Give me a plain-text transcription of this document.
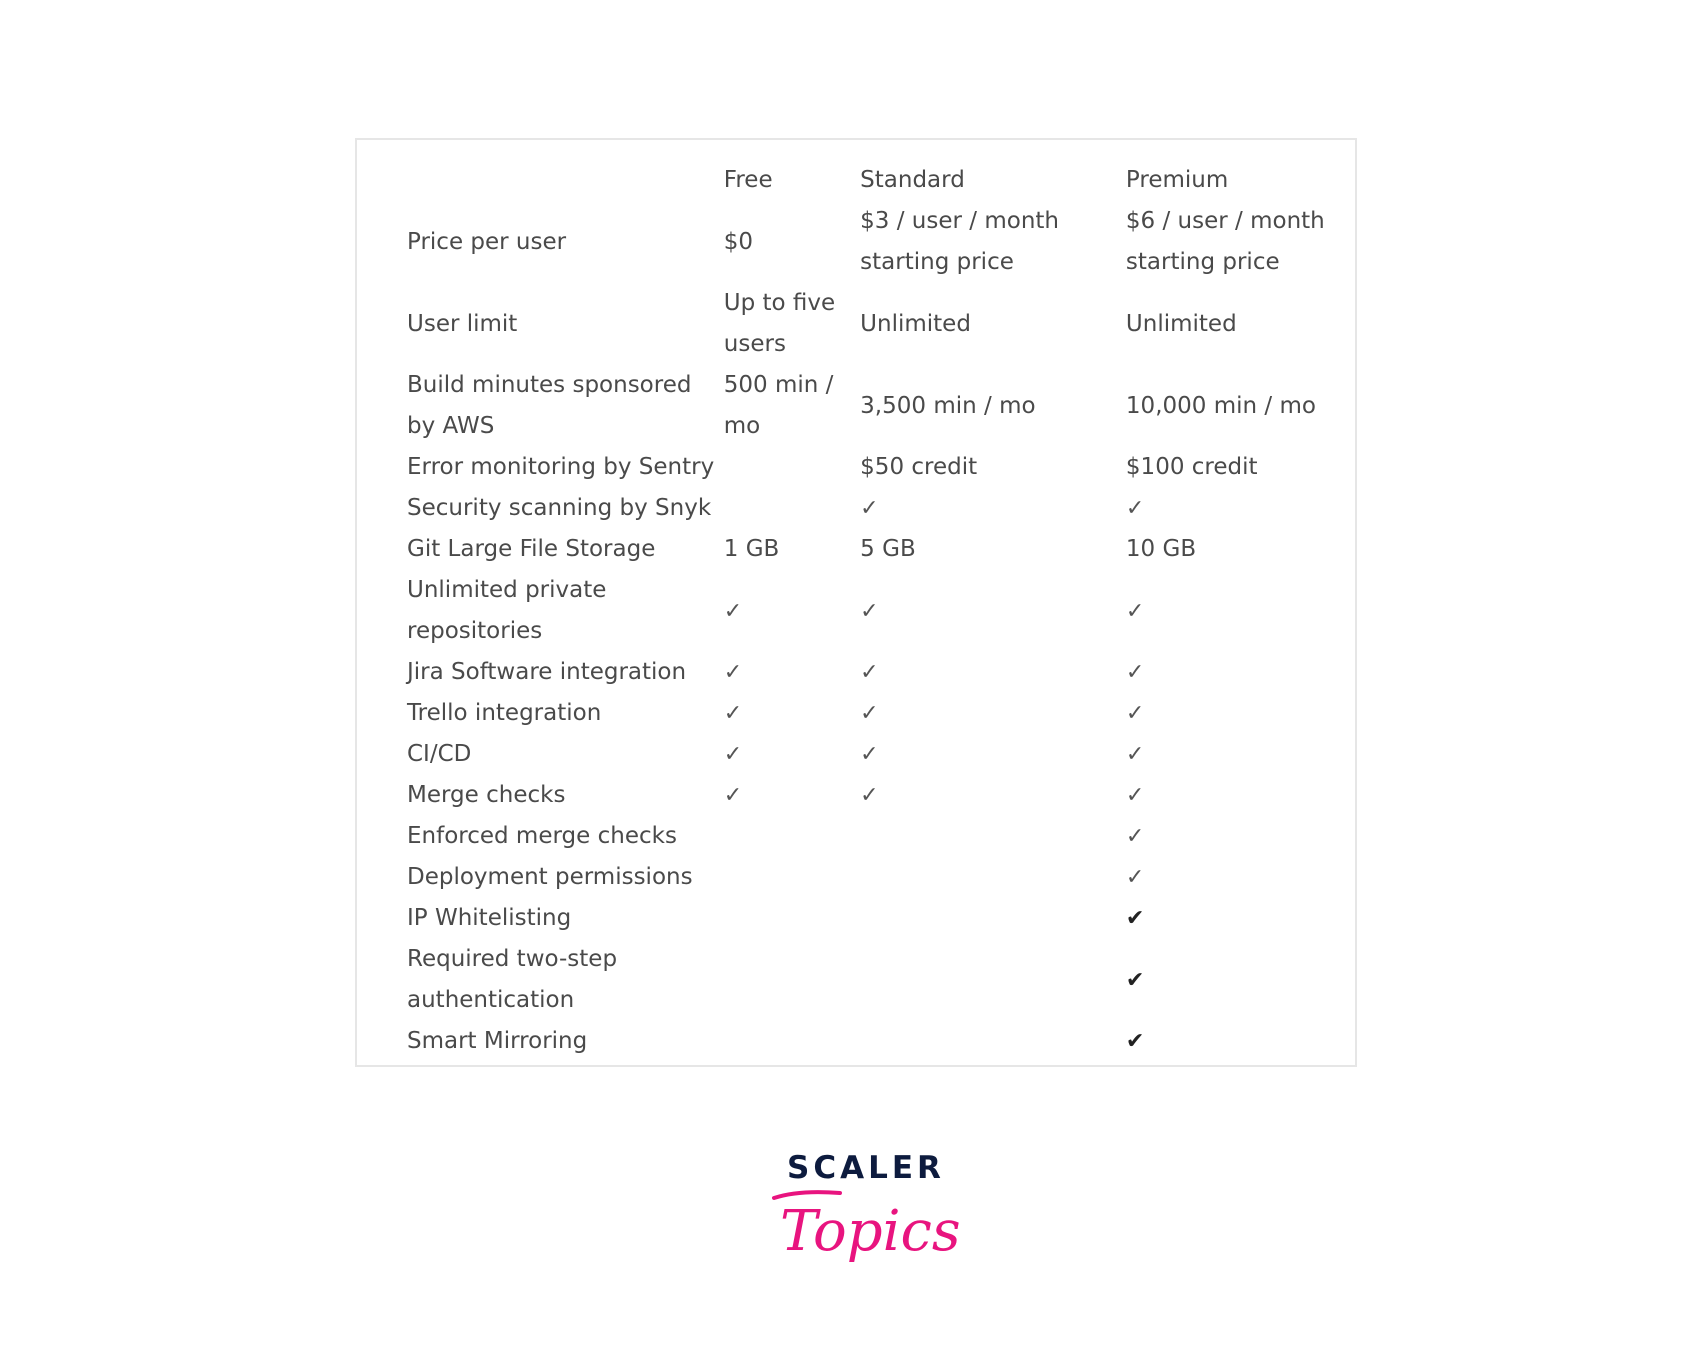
	Free	Standard	Premium
Price per user	$0	$3 / user / month starting price	$6 / user / month starting price
User limit	Up to five users	Unlimited	Unlimited
Build minutes sponsored by AWS	500 min / mo	3,500 min / mo	10,000 min / mo
Error monitoring by Sentry		$50 credit	$100 credit
Security scanning by Snyk		✓	✓
Git Large File Storage	1 GB	5 GB	10 GB
Unlimited private repositories	✓	✓	✓
Jira Software integration	✓	✓	✓
Trello integration	✓	✓	✓
CI/CD	✓	✓	✓
Merge checks	✓	✓	✓
Enforced merge checks			✓
Deployment permissions			✓
IP Whitelisting			✔
Required two-step authentication			✔
Smart Mirroring			✔
SCALER
Topics
